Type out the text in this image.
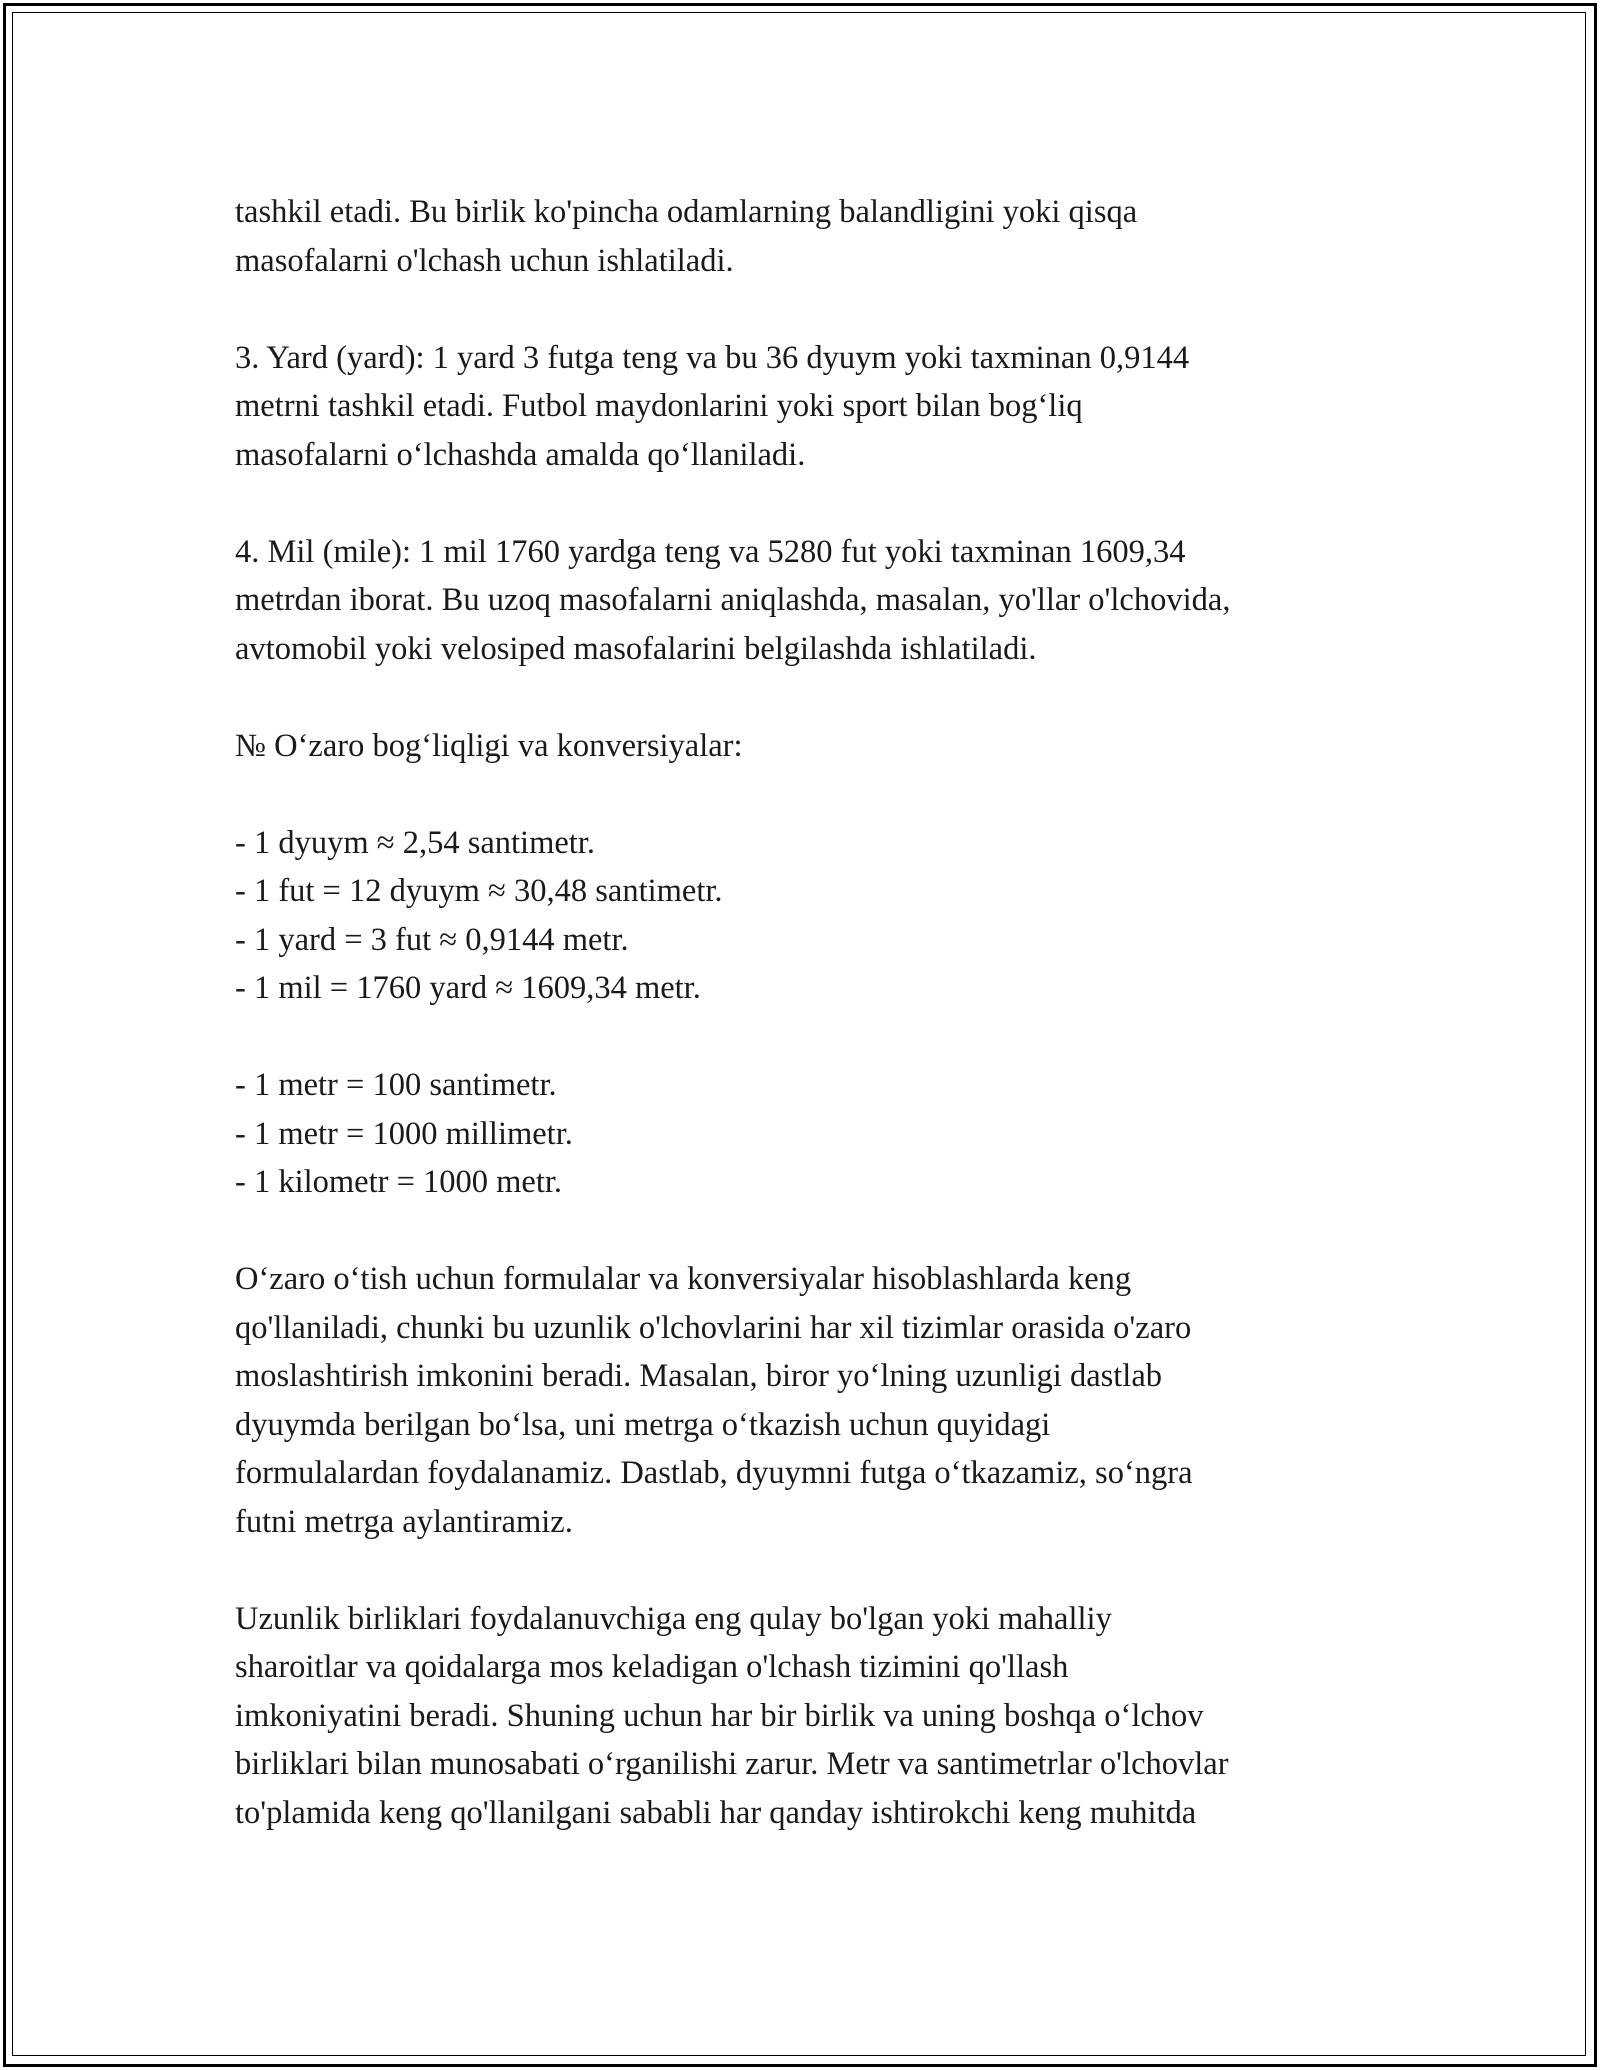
tashkil etadi. Bu birlik ko'pincha odamlarning balandligini yoki qisqa
masofalarni o'lchash uchun ishlatiladi.
3. Yard (yard): 1 yard 3 futga teng va bu 36 dyuym yoki taxminan 0,9144
metrni tashkil etadi. Futbol maydonlarini yoki sport bilan bog‘liq
masofalarni o‘lchashda amalda qo‘llaniladi.
4. Mil (mile): 1 mil 1760 yardga teng va 5280 fut yoki taxminan 1609,34
metrdan iborat. Bu uzoq masofalarni aniqlashda, masalan, yo'llar o'lchovida,
avtomobil yoki velosiped masofalarini belgilashda ishlatiladi.
№ O‘zaro bog‘liqligi va konversiyalar:
- 1 dyuym ≈ 2,54 santimetr.
- 1 fut = 12 dyuym ≈ 30,48 santimetr.
- 1 yard = 3 fut ≈ 0,9144 metr.
- 1 mil = 1760 yard ≈ 1609,34 metr.
- 1 metr = 100 santimetr.
- 1 metr = 1000 millimetr.
- 1 kilometr = 1000 metr.
O‘zaro o‘tish uchun formulalar va konversiyalar hisoblashlarda keng
qo'llaniladi, chunki bu uzunlik o'lchovlarini har xil tizimlar orasida o'zaro
moslashtirish imkonini beradi. Masalan, biror yo‘lning uzunligi dastlab
dyuymda berilgan bo‘lsa, uni metrga o‘tkazish uchun quyidagi
formulalardan foydalanamiz. Dastlab, dyuymni futga o‘tkazamiz, so‘ngra
futni metrga aylantiramiz.
Uzunlik birliklari foydalanuvchiga eng qulay bo'lgan yoki mahalliy
sharoitlar va qoidalarga mos keladigan o'lchash tizimini qo'llash
imkoniyatini beradi. Shuning uchun har bir birlik va uning boshqa o‘lchov
birliklari bilan munosabati o‘rganilishi zarur. Metr va santimetrlar o'lchovlar
to'plamida keng qo'llanilgani sababli har qanday ishtirokchi keng muhitda
